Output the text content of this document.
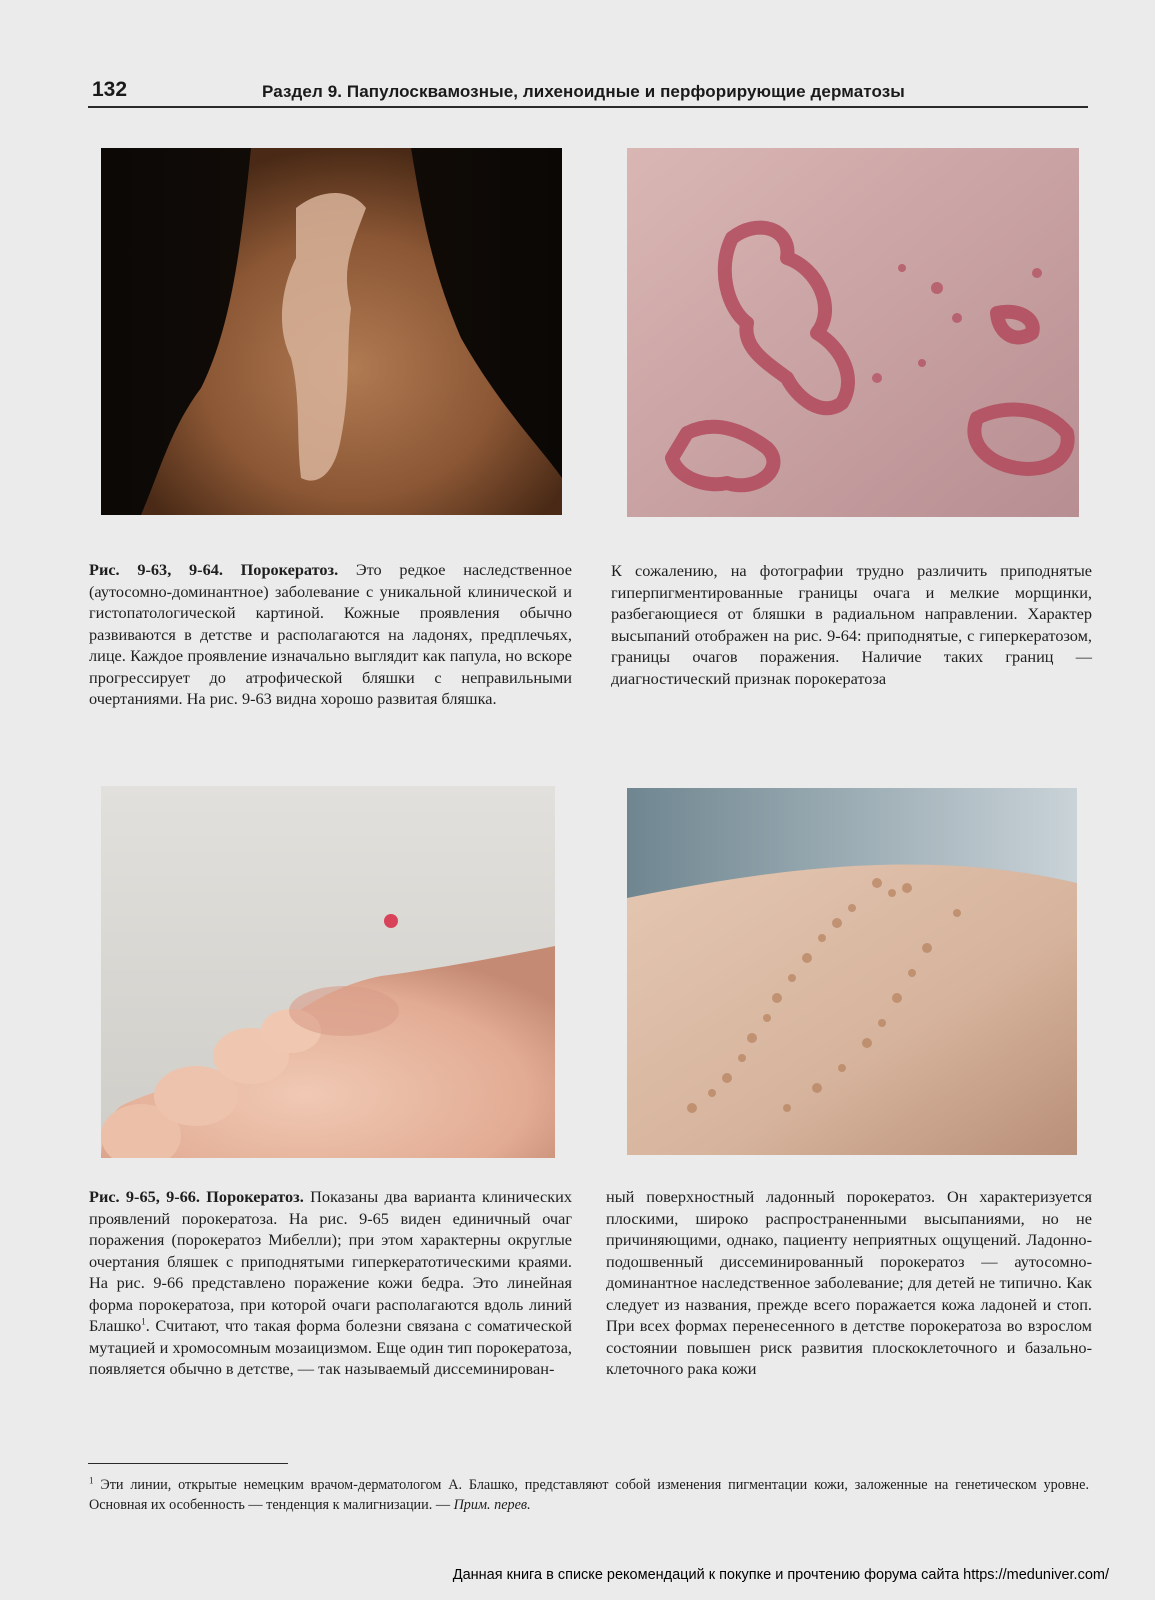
132	Раздел 9. Папулосквамозные, лихеноидные и перфорирующие дерматозы
Рис. 9-63, 9-64. Порокератоз. Это редкое наследственное (аутосомно-доминантное) заболевание с уникальной клинической и гистопатологической картиной. Кожные проявления обычно развиваются в детстве и располагаются на ладонях, предплечьях, лице. Каждое проявление изначально выглядит как папула, но вскоре прогрессирует до атрофической бляшки с неправильными очертаниями. На рис. 9-63 видна хорошо развитая бляшка.
К сожалению, на фотографии трудно различить приподнятые гиперпигментированные границы очага и мелкие морщинки, разбегающиеся от бляшки в радиальном направлении. Характер высыпаний отображен на рис. 9-64: приподнятые, с гиперкератозом, границы очагов поражения. Наличие таких границ — диагностический признак порокератоза
Рис. 9-65, 9-66. Порокератоз. Показаны два варианта клинических проявлений порокератоза. На рис. 9-65 виден единичный очаг поражения (порокератоз Мибелли); при этом характерны округлые очертания бляшек с приподнятыми гиперкератотическими краями. На рис. 9-66 представлено поражение кожи бедра. Это линейная форма порокератоза, при которой очаги располагаются вдоль линий Блашко$^1$. Считают, что такая форма болезни связана с соматической мутацией и хромосомным мозаицизмом. Еще один тип порокератоза, появляется обычно в детстве, — так называемый диссеминирован-
ный поверхностный ладонный порокератоз. Он характеризуется плоскими, широко распространенными высыпаниями, но не причиняющими, однако, пациенту неприятных ощущений. Ладонно-подошвенный диссеминированный порокератоз — аутосомно-доминантное наследственное заболевание; для детей не типично. Как следует из названия, прежде всего поражается кожа ладоней и стоп. При всех формах перенесенного в детстве порокератоза во взрослом состоянии повышен риск развития плоскоклеточного и базально-клеточного рака кожи
$^1$ Эти линии, открытые немецким врачом-дерматологом А. Блашко, представляют собой изменения пигментации кожи, заложенные на генетическом уровне. Основная их особенность — тенденция к малигнизации. — Прим. перев.
Данная книга в списке рекомендаций к покупке и прочтению форума сайта https://meduniver.com/
